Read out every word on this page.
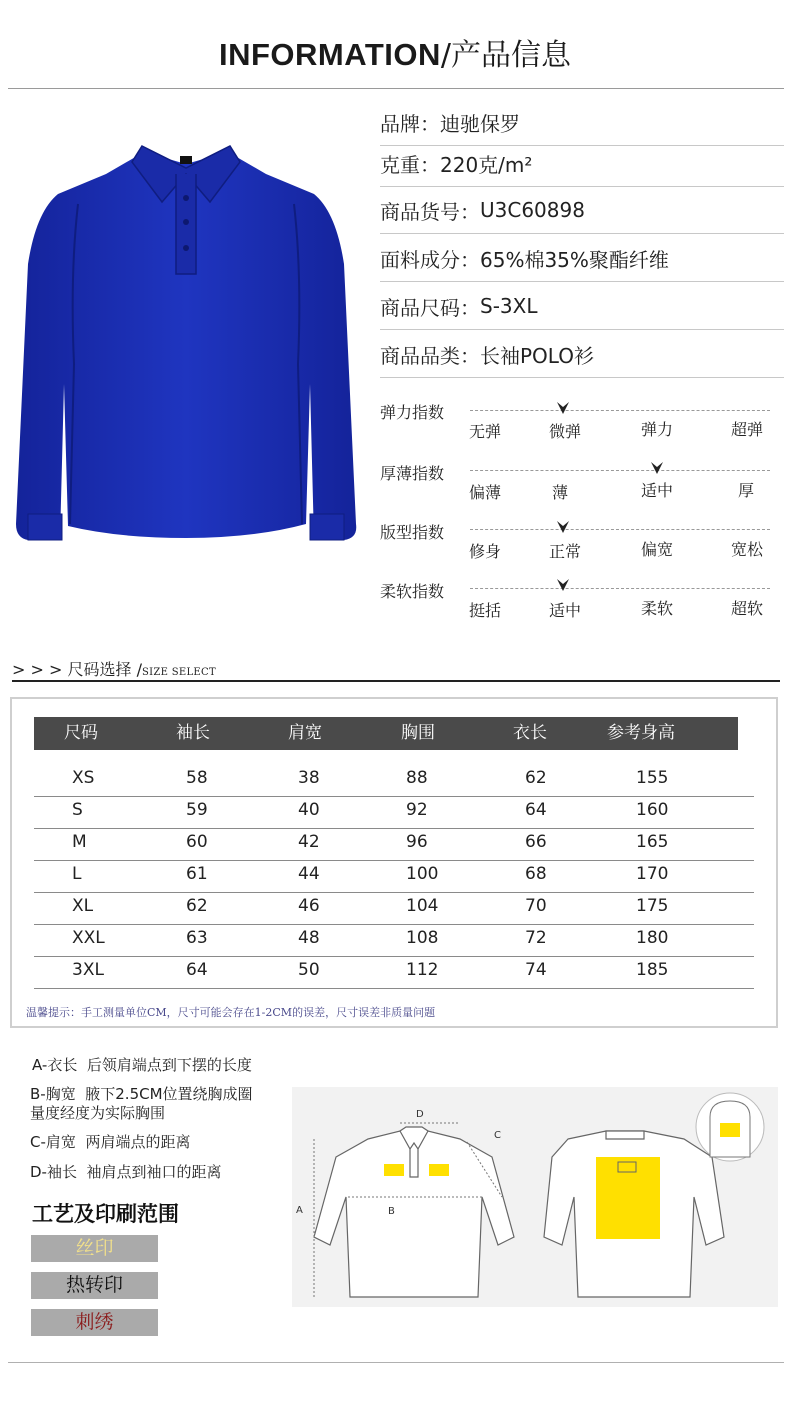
INFORMATION/产品信息
品牌： 迪驰保罗
克重： 220克/m²
商品货号： U3C60898
面料成分： 65%棉35%聚酯纤维
商品尺码： S-3XL
商品品类： 长袖POLO衫
弹力指数
无弹	微弹	弹力	超弹
厚薄指数
偏薄	薄	适中	厚
版型指数
修身	正常	偏宽	宽松
柔软指数
挺括	适中	柔软	超软
> > > 尺码选择 /SIZE SELECT
尺码	袖长	肩宽	胸围	衣长	参考身高
XS	58	38	88	62	155
S	59	40	92	64	160
M	60	42	96	66	165
L	61	44	100	68	170
XL	62	46	104	70	175
XXL	63	48	108	72	180
3XL	64	50	112	74	185
温馨提示：手工测量单位CM，尺寸可能会存在1-2CM的误差，尺寸误差非质量问题
A-衣长 后领肩端点到下摆的长度
B-胸宽 腋下2.5CM位置绕胸成圈
量度经度为实际胸围
C-肩宽 两肩端点的距离
D-袖长 袖肩点到袖口的距离
工艺及印刷范围
丝印
热转印
刺绣
A	B
C
D
